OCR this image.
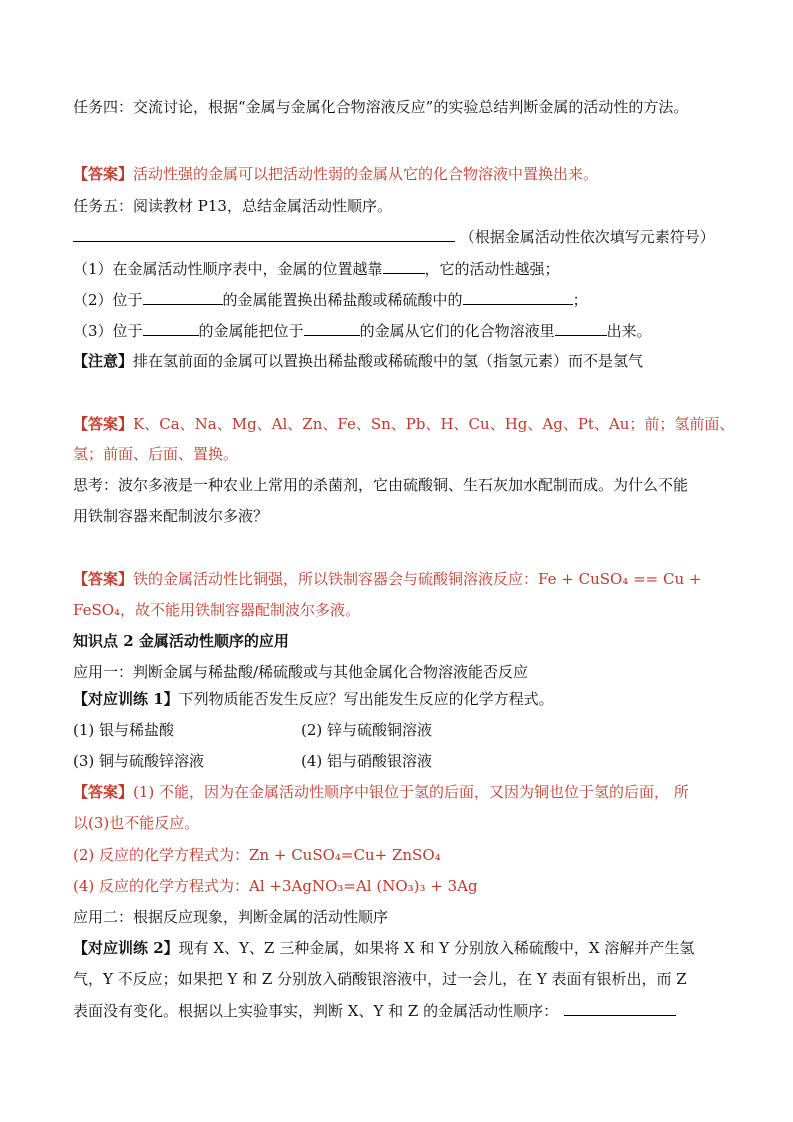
任务四：交流讨论，根据“金属与金属化合物溶液反应”的实验总结判断金属的活动性的方法。
【答案】活动性强的金属可以把活动性弱的金属从它的化合物溶液中置换出来。
任务五：阅读教材 P13，总结金属活动性顺序。
（根据金属活动性依次填写元素符号）
（1）在金属活动性顺序表中，金属的位置越靠	，它的活动性越强；
（2）位于	的金属能置换出稀盐酸或稀硫酸中的	；
（3）位于	的金属能把位于	的金属从它们的化合物溶液里	出来。
【注意】排在氢前面的金属可以置换出稀盐酸或稀硫酸中的氢（指氢元素）而不是氢气
【答案】K、Ca、Na、Mg、Al、Zn、Fe、Sn、Pb、H、Cu、Hg、Ag、Pt、Au；前；氢前面、
氢；前面、后面、置换。
思考：波尔多液是一种农业上常用的杀菌剂，它由硫酸铜、生石灰加水配制而成。为什么不能
用铁制容器来配制波尔多液？
【答案】铁的金属活动性比铜强，所以铁制容器会与硫酸铜溶液反应：Fe + CuSO₄ == Cu +
FeSO₄，故不能用铁制容器配制波尔多液。
知识点 2 金属活动性顺序的应用
应用一：判断金属与稀盐酸/稀硫酸或与其他金属化合物溶液能否反应
【对应训练 1】下列物质能否发生反应？写出能发生反应的化学方程式。
(1) 银与稀盐酸	(2) 锌与硫酸铜溶液
(3) 铜与硫酸锌溶液	(4) 铝与硝酸银溶液
【答案】(1) 不能，因为在金属活动性顺序中银位于氢的后面，又因为铜也位于氢的后面， 所
以(3)也不能反应。
(2) 反应的化学方程式为：Zn + CuSO₄=Cu+ ZnSO₄
(4) 反应的化学方程式为：Al +3AgNO₃=Al (NO₃)₃ + 3Ag
应用二：根据反应现象，判断金属的活动性顺序
【对应训练 2】现有 X、Y、Z 三种金属，如果将 X 和 Y 分别放入稀硫酸中，X 溶解并产生氢
气，Y 不反应；如果把 Y 和 Z 分别放入硝酸银溶液中，过一会儿，在 Y 表面有银析出，而 Z
表面没有变化。根据以上实验事实，判断 X、Y 和 Z 的金属活动性顺序：
